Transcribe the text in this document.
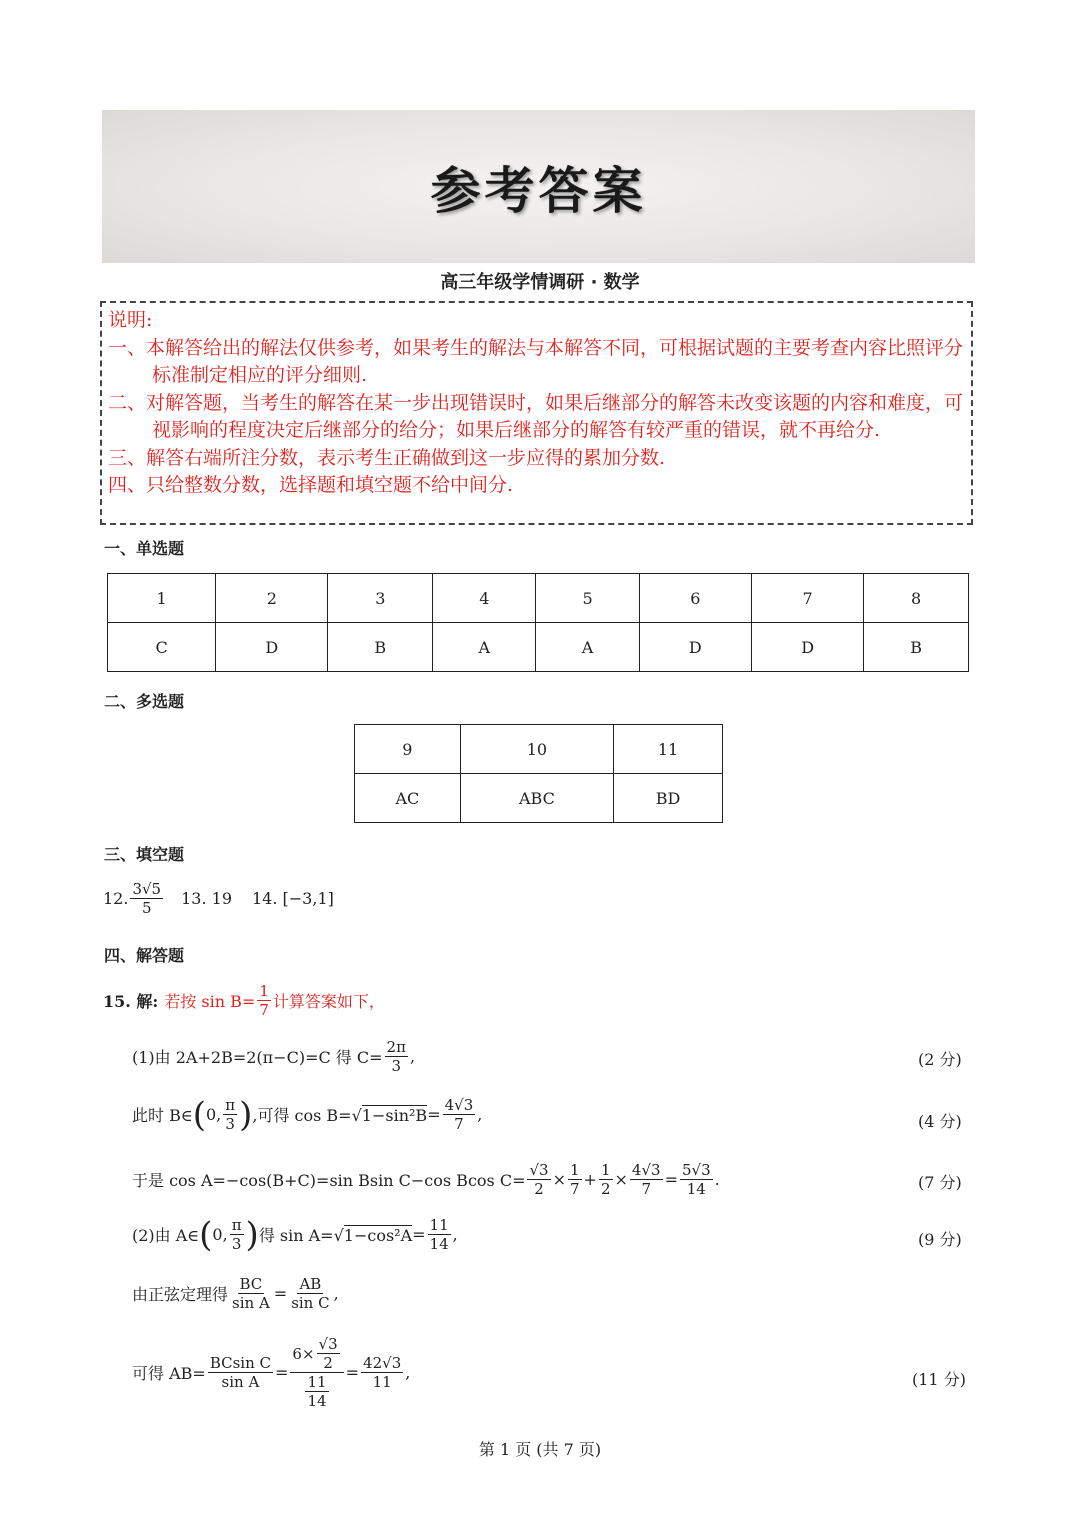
参考答案
高三年级学情调研 · 数学
说明:
一、本解答给出的解法仅供参考，如果考生的解法与本解答不同，可根据试题的主要考查内容比照评分标准制定相应的评分细则.
二、对解答题，当考生的解答在某一步出现错误时，如果后继部分的解答未改变该题的内容和难度，可视影响的程度决定后继部分的给分；如果后继部分的解答有较严重的错误，就不再给分.
三、解答右端所注分数，表示考生正确做到这一步应得的累加分数.
四、只给整数分数，选择题和填空题不给中间分.
一、单选题
1	2	3	4	5	6	7	8
C	D	B	A	A	D	D	B
二、多选题
9	10	11
AC	ABC	BD
三、填空题
12. $\frac{3√5}{5} 13$. 19 14. [−3,1]
四、解答题
15. 解: 若按 $\sin B= \frac{1}{7}$ 计算答案如下，
(1)由 2A+2B=2(π−C)=C 得 $C= \frac{2\pi}{3}$ ,	(2 分)
此时 B∈ ( 0, $\frac{\pi}{3}$ ) ,可得 cos B=√ $1-\sin^2B = \frac{4√3}{7}$ ,	(4 分)
于是 cos A=−cos(B+C)=sin Bsin C−cos Bcos $C= \frac{√3}{2} \times \frac{1}{7} + \frac{1}{2} \times \frac{4√3}{7} = \frac{5√3}{14}$ .	(7 分)
(2)由 A∈ ( 0, $\frac{\pi}{3}$ ) 得 sin A=√ $1-\cos^2A = \frac{11}{14}$ ,	(9 分)
由正弦定理得 $\frac{BC}{\text{sin A}} = \frac{AB}{\text{sin C}}$ ,
可得 $AB= \frac{\text{BCsin C}}{\text{sin A}} = \frac{6\times \frac{√3}{2}}{\frac{11}{14}} = \frac{42√3}{11}$ ,	(11 分)
第 1 页 (共 7 页)
